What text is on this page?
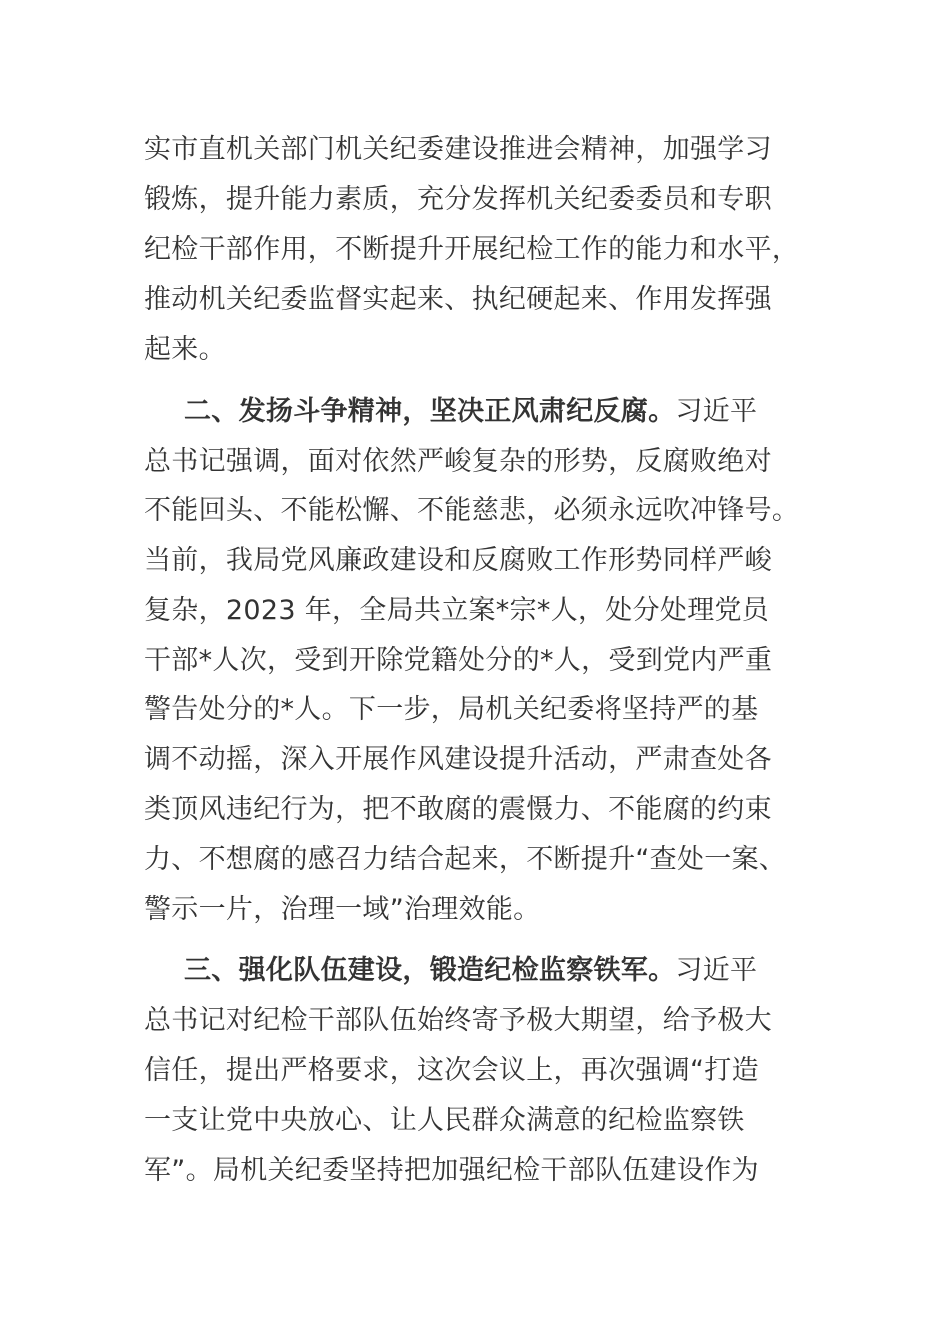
实市直机关部门机关纪委建设推进会精神，加强学习
锻炼，提升能力素质，充分发挥机关纪委委员和专职
纪检干部作用，不断提升开展纪检工作的能力和水平，
推动机关纪委监督实起来、执纪硬起来、作用发挥强
起来。
二、发扬斗争精神，坚决正风肃纪反腐。习近平
总书记强调，面对依然严峻复杂的形势，反腐败绝对
不能回头、不能松懈、不能慈悲，必须永远吹冲锋号。
当前，我局党风廉政建设和反腐败工作形势同样严峻
复杂，2023 年，全局共立案*宗*人，处分处理党员
干部*人次，受到开除党籍处分的*人，受到党内严重
警告处分的*人。下一步，局机关纪委将坚持严的基
调不动摇，深入开展作风建设提升活动，严肃查处各
类顶风违纪行为，把不敢腐的震慑力、不能腐的约束
力、不想腐的感召力结合起来，不断提升“查处一案、
警示一片，治理一域”治理效能。
三、强化队伍建设，锻造纪检监察铁军。习近平
总书记对纪检干部队伍始终寄予极大期望，给予极大
信任，提出严格要求，这次会议上，再次强调“打造
一支让党中央放心、让人民群众满意的纪检监察铁
军”。局机关纪委坚持把加强纪检干部队伍建设作为
